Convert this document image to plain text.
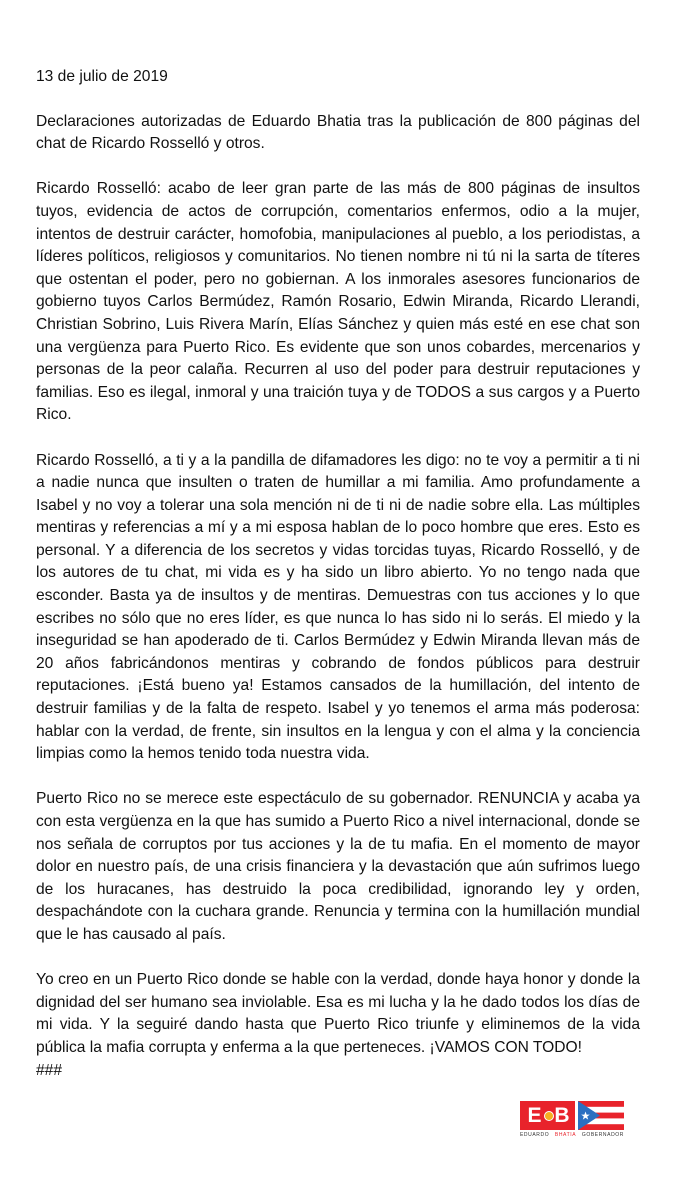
13 de julio de 2019

Declaraciones autorizadas de Eduardo Bhatia tras la publicación de 800 páginas del chat de Ricardo Rosselló y otros.

Ricardo Rosselló: acabo de leer gran parte de las más de 800 páginas de insultos tuyos, evidencia de actos de corrupción, comentarios enfermos, odio a la mujer, intentos de destruir carácter, homofobia, manipulaciones al pueblo, a los periodistas, a líderes políticos, religiosos y comunitarios. No tienen nombre ni tú ni la sarta de títeres que ostentan el poder, pero no gobiernan. A los inmorales asesores funcionarios de gobierno tuyos Carlos Bermúdez, Ramón Rosario, Edwin Miranda, Ricardo Llerandi, Christian Sobrino, Luis Rivera Marín, Elías Sánchez y quien más esté en ese chat son una vergüenza para Puerto Rico. Es evidente que son unos cobardes, mercenarios y personas de la peor calaña. Recurren al uso del poder para destruir reputaciones y familias. Eso es ilegal, inmoral y una traición tuya y de TODOS a sus cargos y a Puerto Rico.

Ricardo Rosselló, a ti y a la pandilla de difamadores les digo: no te voy a permitir a ti ni a nadie nunca que insulten o traten de humillar a mi familia. Amo profundamente a Isabel y no voy a tolerar una sola mención ni de ti ni de nadie sobre ella. Las múltiples mentiras y referencias a mí y a mi esposa hablan de lo poco hombre que eres. Esto es personal. Y a diferencia de los secretos y vidas torcidas tuyas, Ricardo Rosselló, y de los autores de tu chat, mi vida es y ha sido un libro abierto. Yo no tengo nada que esconder. Basta ya de insultos y de mentiras. Demuestras con tus acciones y lo que escribes no sólo que no eres líder, es que nunca lo has sido ni lo serás. El miedo y la inseguridad se han apoderado de ti. Carlos Bermúdez y Edwin Miranda llevan más de 20 años fabricándonos mentiras y cobrando de fondos públicos para destruir reputaciones. ¡Está bueno ya! Estamos cansados de la humillación, del intento de destruir familias y de la falta de respeto. Isabel y yo tenemos el arma más poderosa: hablar con la verdad, de frente, sin insultos en la lengua y con el alma y la conciencia limpias como la hemos tenido toda nuestra vida.

Puerto Rico no se merece este espectáculo de su gobernador. RENUNCIA y acaba ya con esta vergüenza en la que has sumido a Puerto Rico a nivel internacional, donde se nos señala de corruptos por tus acciones y la de tu mafia. En el momento de mayor dolor en nuestro país, de una crisis financiera y la devastación que aún sufrimos luego de los huracanes, has destruido la poca credibilidad, ignorando ley y orden, despachándote con la cuchara grande. Renuncia y termina con la humillación mundial que le has causado al país.

Yo creo en un Puerto Rico donde se hable con la verdad, donde haya honor y donde la dignidad del ser humano sea inviolable. Esa es mi lucha y la he dado todos los días de mi vida. Y la seguiré dando hasta que Puerto Rico triunfe y eliminemos de la vida pública la mafia corrupta y enferma a la que perteneces. ¡VAMOS CON TODO!

###

E B
EDUARDO BHATIA GOBERNADOR
